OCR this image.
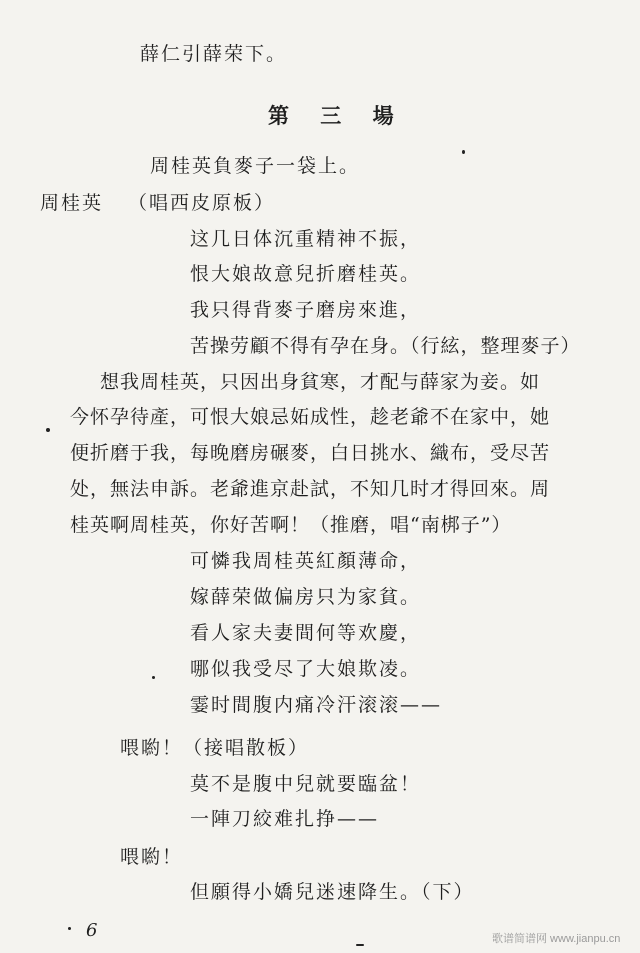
薛仁引薛荣下。
第 三 場
周桂英負麥子一袋上。
周桂英 （唱西皮原板）
这几日体沉重精神不振，
恨大娘故意兒折磨桂英。
我只得背麥子磨房來進，
苦操劳顧不得有孕在身。（行絃，整理麥子）
想我周桂英，只因出身貧寒，才配与薛家为妾。如
今怀孕待產，可恨大娘忌妬成性，趁老爺不在家中，她
便折磨于我，每晚磨房碾麥，白日挑水、織布，受尽苦
处，無法申訴。老爺進京赴試，不知几时才得回來。周
桂英啊周桂英，你好苦啊！（推磨，唱“南梆子”）
可憐我周桂英紅顏薄命，
嫁薛荣做偏房只为家貧。
看人家夫妻間何等欢慶，
哪似我受尽了大娘欺凌。
霎时間腹内痛冷汗滚滚——
喂喲！（接唱散板）
莫不是腹中兒就要臨盆！
一陣刀絞难扎挣——
喂喲！
但願得小嬌兒迷速降生。（下）
6	歌谱简谱网 www.jianpu.cn
